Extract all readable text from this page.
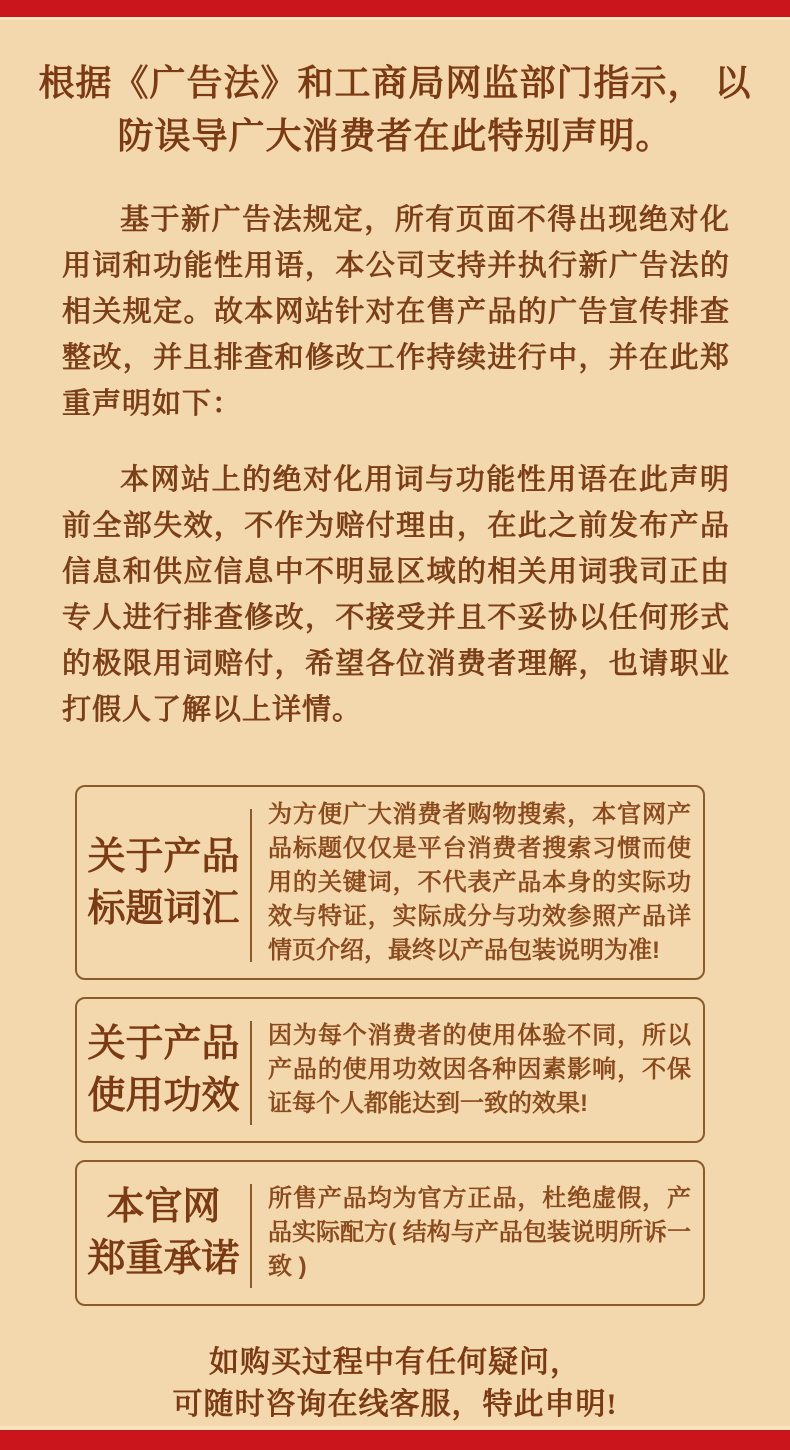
根据《广告法》和工商局网监部门指示， 以防误导广大消费者在此特别声明。

基于新广告法规定，所有页面不得出现绝对化用词和功能性用语，本公司支持并执行新广告法的相关规定。故本网站针对在售产品的广告宣传排查整改，并且排查和修改工作持续进行中，并在此郑重声明如下：

本网站上的绝对化用词与功能性用语在此声明前全部失效，不作为赔付理由，在此之前发布产品信息和供应信息中不明显区域的相关用词我司正由专人进行排查修改，不接受并且不妥协以任何形式的极限用词赔付，希望各位消费者理解，也请职业打假人了解以上详情。

关于产品
标题词汇
为方便广大消费者购物搜索，本官网产品标题仅仅是平台消费者搜索习惯而使用的关键词，不代表产品本身的实际功效与特证，实际成分与功效参照产品详情页介绍，最终以产品包装说明为准!
关于产品
使用功效
因为每个消费者的使用体验不同，所以产品的使用功效因各种因素影响，不保证每个人都能达到一致的效果!
本官网
郑重承诺
所售产品均为官方正品，杜绝虚假，产品实际配方( 结构与产品包装说明所诉一致 )
如购买过程中有任何疑问，
可随时咨询在线客服，特此申明!
